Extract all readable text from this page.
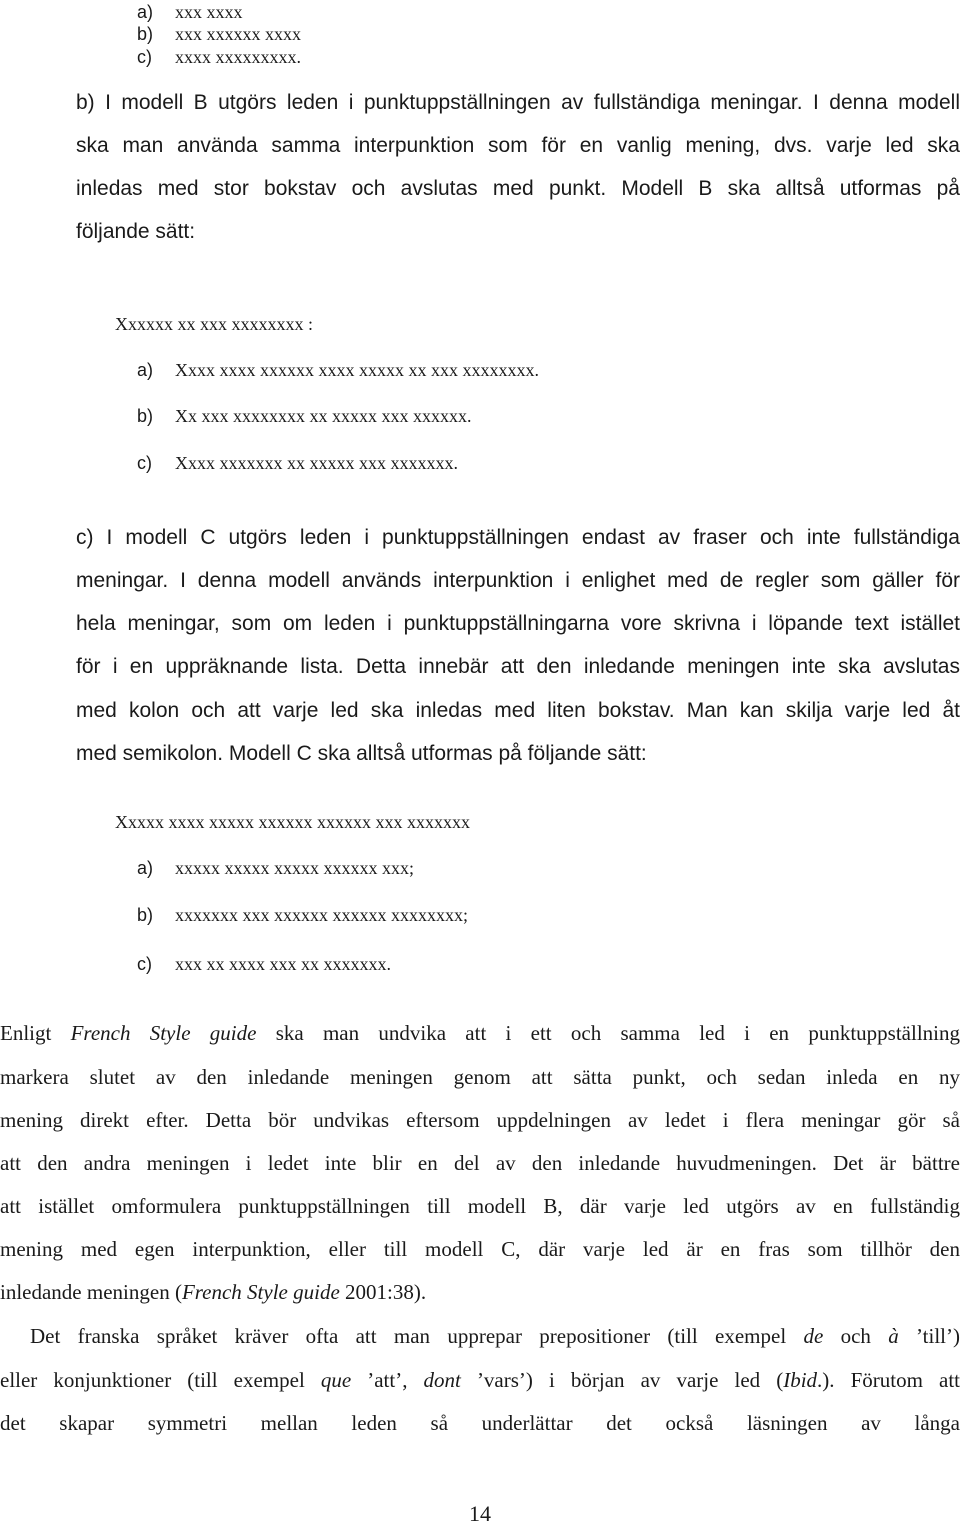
a) xxx xxxx
b) xxx xxxxxx xxxx
c) xxxx xxxxxxxxx.
b) I modell B utgörs leden i punktuppställningen av fullständiga meningar. I denna modell
ska man använda samma interpunktion som för en vanlig mening, dvs. varje led ska
inledas med stor bokstav och avslutas med punkt. Modell B ska alltså utformas på
följande sätt:
Xxxxxx xx xxx xxxxxxxx :
a) Xxxx xxxx xxxxxx xxxx xxxxx xx xxx xxxxxxxx.
b) Xx xxx xxxxxxxx xx xxxxx xxx xxxxxx.
c) Xxxx xxxxxxx xx xxxxx xxx xxxxxxx.
c) I modell C utgörs leden i punktuppställningen endast av fraser och inte fullständiga
meningar. I denna modell används interpunktion i enlighet med de regler som gäller för
hela meningar, som om leden i punktuppställningarna vore skrivna i löpande text istället
för i en uppräknande lista. Detta innebär att den inledande meningen inte ska avslutas
med kolon och att varje led ska inledas med liten bokstav. Man kan skilja varje led åt
med semikolon. Modell C ska alltså utformas på följande sätt:
Xxxxx xxxx xxxxx xxxxxx xxxxxx xxx xxxxxxx
a) xxxxx xxxxx xxxxx xxxxxx xxx;
b) xxxxxxx xxx xxxxxx xxxxxx xxxxxxxx;
c) xxx xx xxxx xxx xx xxxxxxx.
Enligt French Style guide ska man undvika att i ett och samma led i en punktuppställning
markera slutet av den inledande meningen genom att sätta punkt, och sedan inleda en ny
mening direkt efter. Detta bör undvikas eftersom uppdelningen av ledet i flera meningar gör så
att den andra meningen i ledet inte blir en del av den inledande huvudmeningen. Det är bättre
att istället omformulera punktuppställningen till modell B, där varje led utgörs av en fullständig
mening med egen interpunktion, eller till modell C, där varje led är en fras som tillhör den
inledande meningen (French Style guide 2001:38).
Det franska språket kräver ofta att man upprepar prepositioner (till exempel de och à ’till’)
eller konjunktioner (till exempel que ’att’, dont ’vars’) i början av varje led (Ibid.). Förutom att
det skapar symmetri mellan leden så underlättar det också läsningen av långa
14
